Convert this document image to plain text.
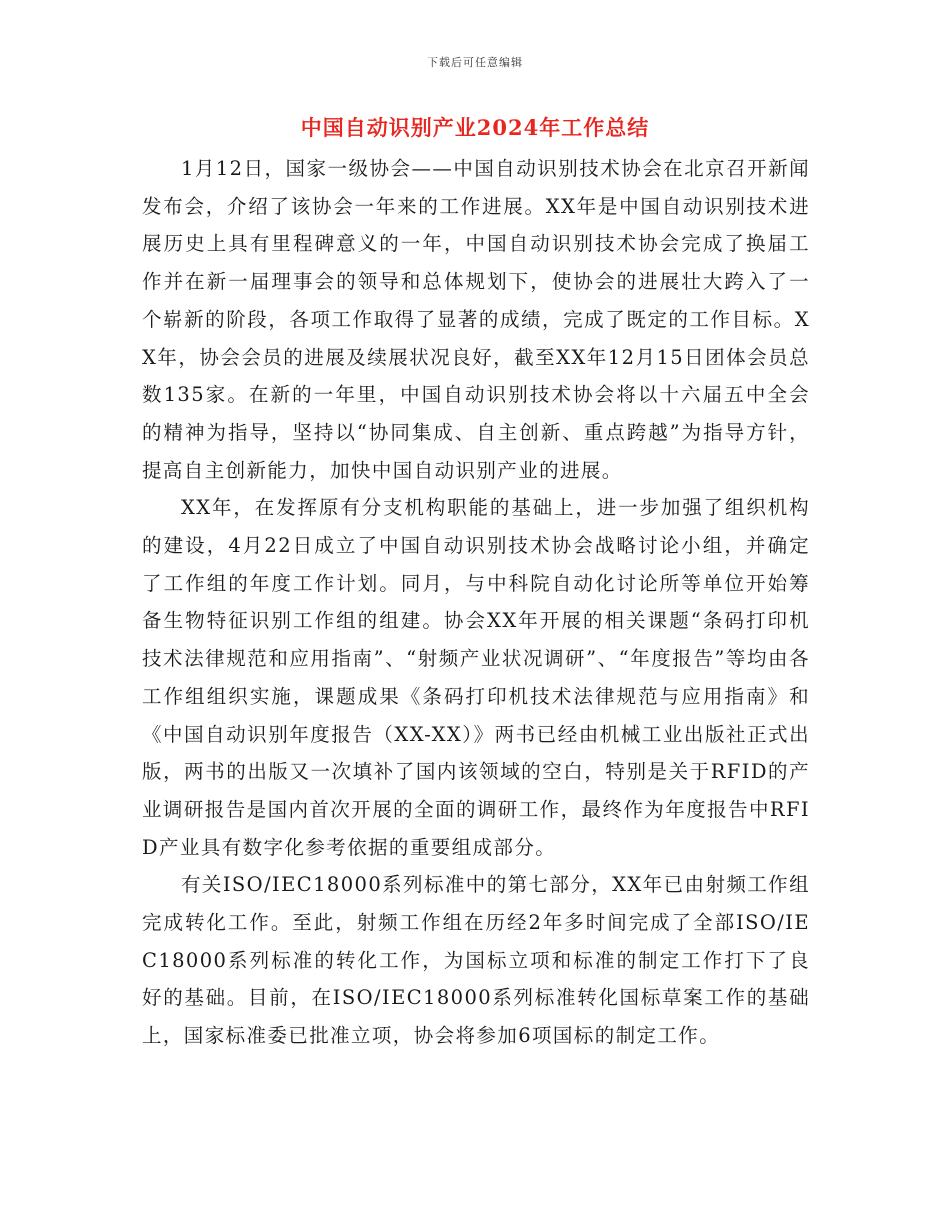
下载后可任意编辑
中国自动识别产业2024年工作总结

1月12日，国家一级协会——中国自动识别技术协会在北京召开新闻发布会，介绍了该协会一年来的工作进展。XX年是中国自动识别技术进展历史上具有里程碑意义的一年，中国自动识别技术协会完成了换届工作并在新一届理事会的领导和总体规划下，使协会的进展壮大跨入了一个崭新的阶段，各项工作取得了显著的成绩，完成了既定的工作目标。XX年，协会会员的进展及续展状况良好，截至XX年12月15日团体会员总数135家。在新的一年里，中国自动识别技术协会将以十六届五中全会的精神为指导，坚持以“协同集成、自主创新、重点跨越”为指导方针，提高自主创新能力，加快中国自动识别产业的进展。

XX年，在发挥原有分支机构职能的基础上，进一步加强了组织机构的建设，4月22日成立了中国自动识别技术协会战略讨论小组，并确定了工作组的年度工作计划。同月，与中科院自动化讨论所等单位开始筹备生物特征识别工作组的组建。协会XX年开展的相关课题“条码打印机技术法律规范和应用指南”、“射频产业状况调研”、“年度报告”等均由各工作组组织实施，课题成果《条码打印机技术法律规范与应用指南》和《中国自动识别年度报告（XX-XX）》两书已经由机械工业出版社正式出版，两书的出版又一次填补了国内该领域的空白，特别是关于RFID的产业调研报告是国内首次开展的全面的调研工作，最终作为年度报告中RFID产业具有数字化参考依据的重要组成部分。

有关ISO/IEC18000系列标准中的第七部分，XX年已由射频工作组完成转化工作。至此，射频工作组在历经2年多时间完成了全部ISO/IEC18000系列标准的转化工作，为国标立项和标准的制定工作打下了良好的基础。目前，在ISO/IEC18000系列标准转化国标草案工作的基础上，国家标准委已批准立项，协会将参加6项国标的制定工作。
